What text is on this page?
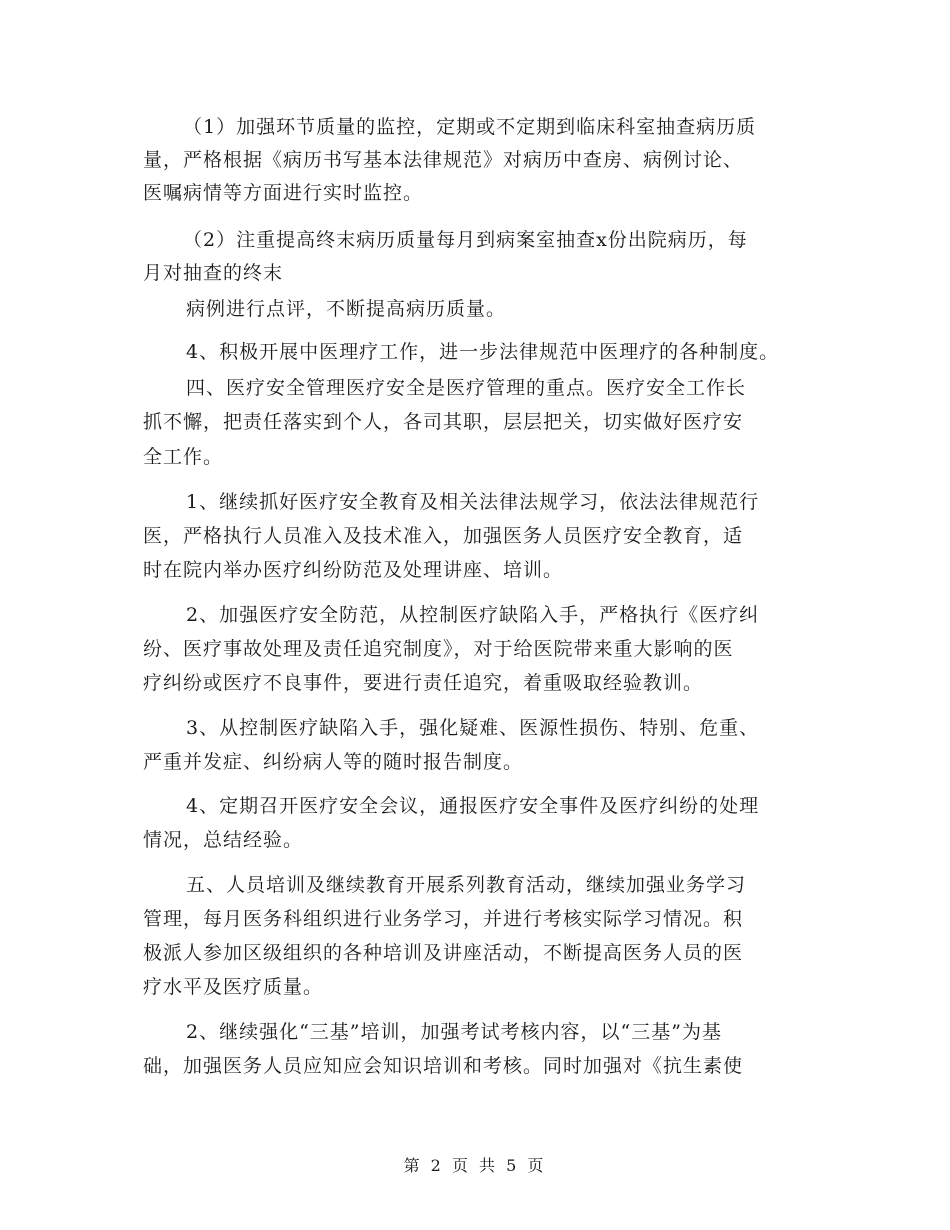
（1）加强环节质量的监控，定期或不定期到临床科室抽查病历质
量，严格根据《病历书写基本法律规范》对病历中查房、病例讨论、
医嘱病情等方面进行实时监控。
（2）注重提高终末病历质量每月到病案室抽查x份出院病历，每
月对抽查的终末
病例进行点评，不断提高病历质量。
4、积极开展中医理疗工作，进一步法律规范中医理疗的各种制度。
四、医疗安全管理医疗安全是医疗管理的重点。医疗安全工作长
抓不懈，把责任落实到个人，各司其职，层层把关，切实做好医疗安
全工作。
1、继续抓好医疗安全教育及相关法律法规学习，依法法律规范行
医，严格执行人员准入及技术准入，加强医务人员医疗安全教育，适
时在院内举办医疗纠纷防范及处理讲座、培训。
2、加强医疗安全防范，从控制医疗缺陷入手，严格执行《医疗纠
纷、医疗事故处理及责任追究制度》，对于给医院带来重大影响的医
疗纠纷或医疗不良事件，要进行责任追究，着重吸取经验教训。
3、从控制医疗缺陷入手，强化疑难、医源性损伤、特别、危重、
严重并发症、纠纷病人等的随时报告制度。
4、定期召开医疗安全会议，通报医疗安全事件及医疗纠纷的处理
情况，总结经验。
五、人员培训及继续教育开展系列教育活动，继续加强业务学习
管理，每月医务科组织进行业务学习，并进行考核实际学习情况。积
极派人参加区级组织的各种培训及讲座活动，不断提高医务人员的医
疗水平及医疗质量。
2、继续强化“三基”培训，加强考试考核内容，以“三基”为基
础，加强医务人员应知应会知识培训和考核。同时加强对《抗生素使
第 2 页 共 5 页
